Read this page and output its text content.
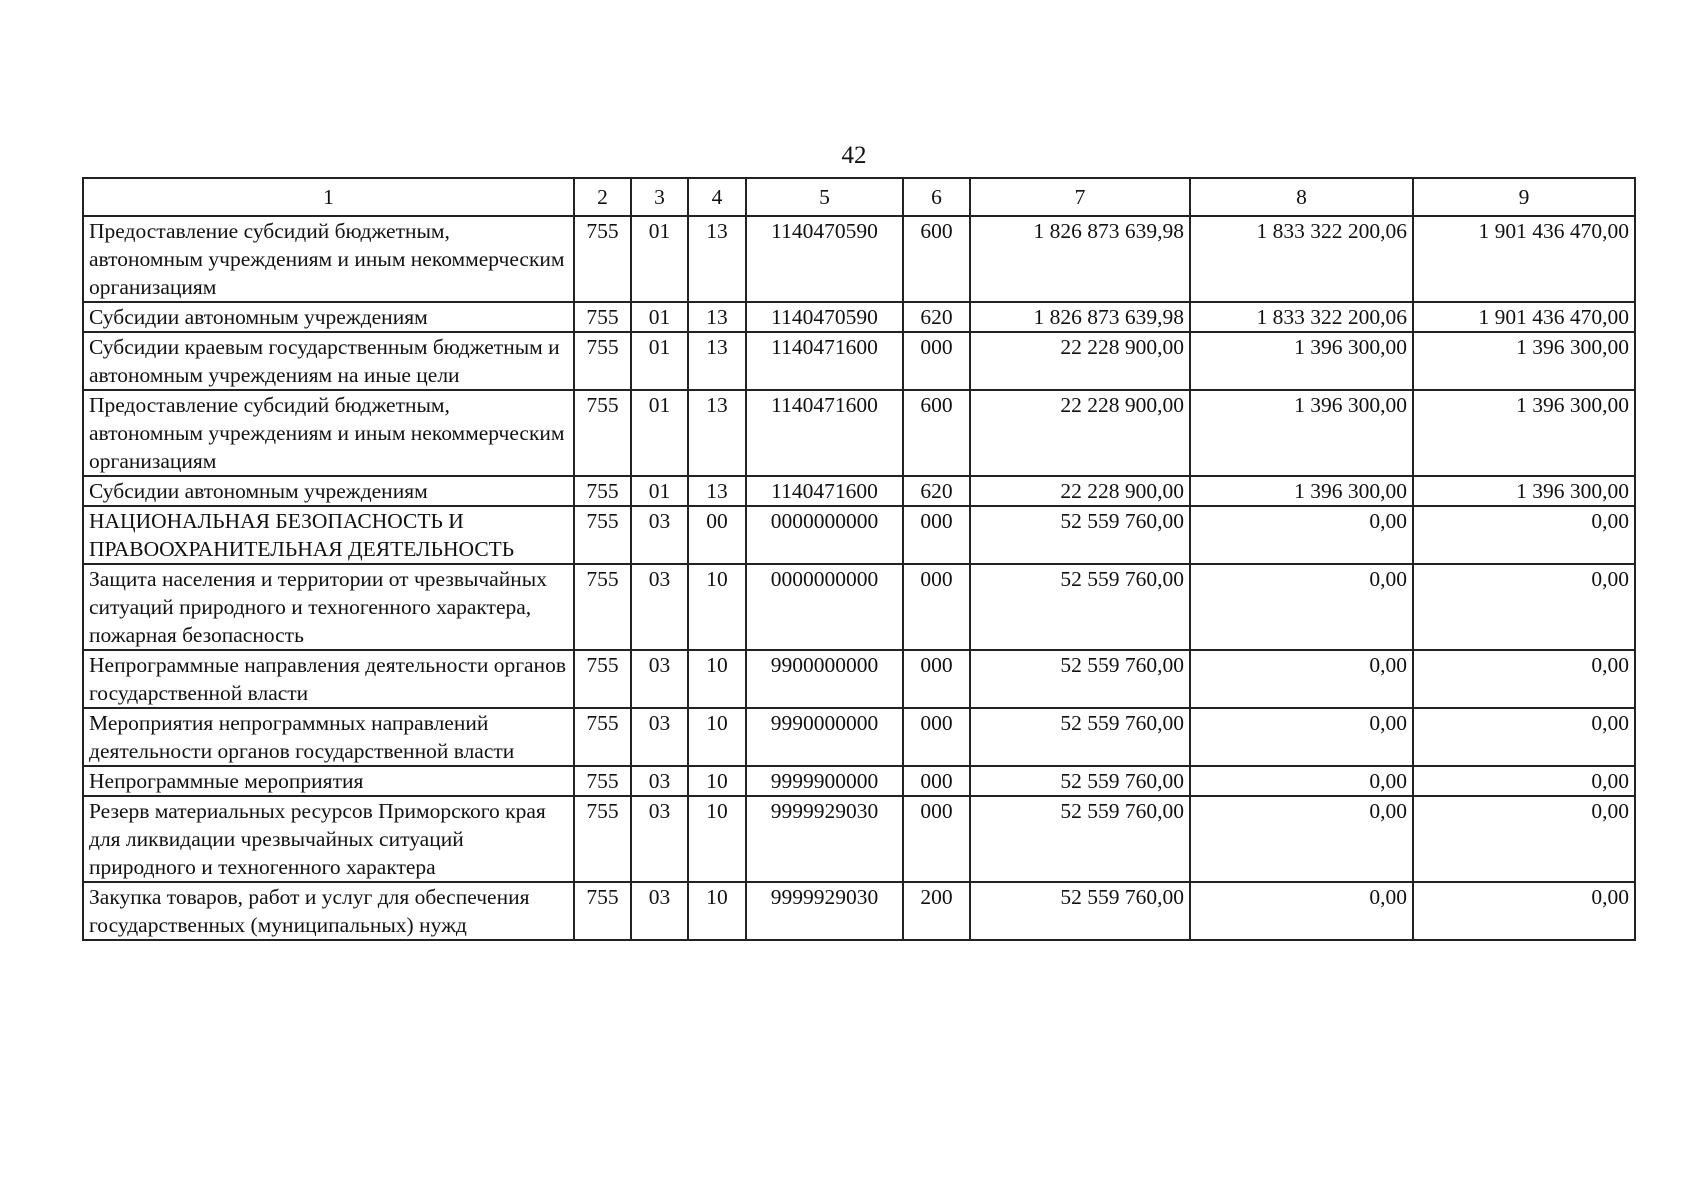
42
1	2	3	4	5	6	7	8	9
Предоставление субсидий бюджетным, автономным учреждениям и иным некоммерческим организациям	755	01	13	1140470590	600	1 826 873 639,98	1 833 322 200,06	1 901 436 470,00
Субсидии автономным учреждениям	755	01	13	1140470590	620	1 826 873 639,98	1 833 322 200,06	1 901 436 470,00
Субсидии краевым государственным бюджетным и автономным учреждениям на иные цели	755	01	13	1140471600	000	22 228 900,00	1 396 300,00	1 396 300,00
Предоставление субсидий бюджетным, автономным учреждениям и иным некоммерческим организациям	755	01	13	1140471600	600	22 228 900,00	1 396 300,00	1 396 300,00
Субсидии автономным учреждениям	755	01	13	1140471600	620	22 228 900,00	1 396 300,00	1 396 300,00
НАЦИОНАЛЬНАЯ БЕЗОПАСНОСТЬ И ПРАВООХРАНИТЕЛЬНАЯ ДЕЯТЕЛЬНОСТЬ	755	03	00	0000000000	000	52 559 760,00	0,00	0,00
Защита населения и территории от чрезвычайных ситуаций природного и техногенного характера, пожарная безопасность	755	03	10	0000000000	000	52 559 760,00	0,00	0,00
Непрограммные направления деятельности органов государственной власти	755	03	10	9900000000	000	52 559 760,00	0,00	0,00
Мероприятия непрограммных направлений деятельности органов государственной власти	755	03	10	9990000000	000	52 559 760,00	0,00	0,00
Непрограммные мероприятия	755	03	10	9999900000	000	52 559 760,00	0,00	0,00
Резерв материальных ресурсов Приморского края для ликвидации чрезвычайных ситуаций природного и техногенного характера	755	03	10	9999929030	000	52 559 760,00	0,00	0,00
Закупка товаров, работ и услуг для обеспечения государственных (муниципальных) нужд	755	03	10	9999929030	200	52 559 760,00	0,00	0,00
